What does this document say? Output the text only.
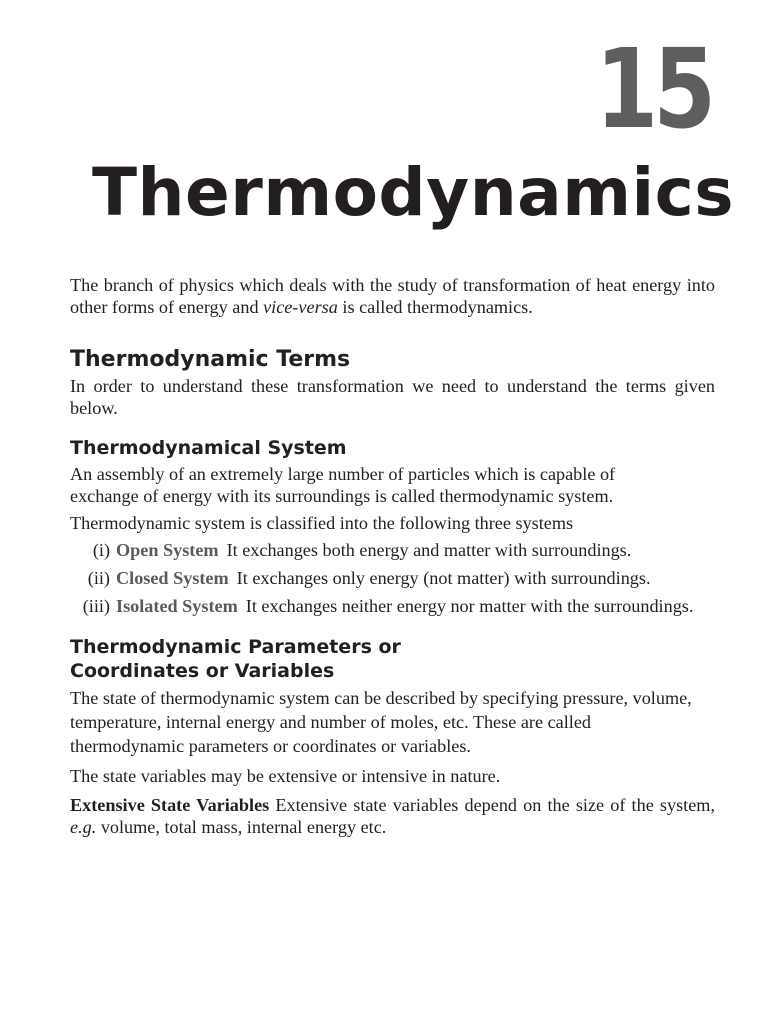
15
Thermodynamics

The branch of physics which deals with the study of transformation of heat energy into other forms of energy and vice-versa is called thermodynamics.

Thermodynamic Terms

In order to understand these transformation we need to understand the terms given below.

Thermodynamical System

An assembly of an extremely large number of particles which is capable of exchange of energy with its surroundings is called thermodynamic system.

Thermodynamic system is classified into the following three systems

(i) Open System It exchanges both energy and matter with surroundings.
(ii) Closed System It exchanges only energy (not matter) with surroundings.
(iii) Isolated System It exchanges neither energy nor matter with the surroundings.
Thermodynamic Parameters or
Coordinates or Variables

The state of thermodynamic system can be described by specifying pressure, volume, temperature, internal energy and number of moles, etc. These are called thermodynamic parameters or coordinates or variables.

The state variables may be extensive or intensive in nature.

Extensive State Variables Extensive state variables depend on the size of the system, e.g. volume, total mass, internal energy etc.
